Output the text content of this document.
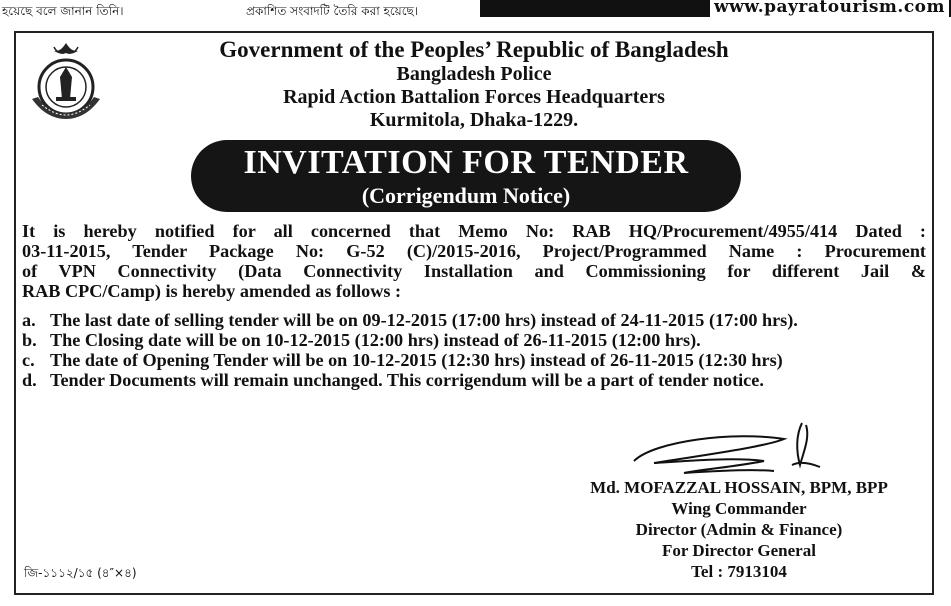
হয়েছে বলে জানান তিনি।	প্রকাশিত সংবাদটি তৈরি করা হয়েছে।	www.payratourism.com
Government of the Peoples’ Republic of Bangladesh
Bangladesh Police
Rapid Action Battalion Forces Headquarters
Kurmitola, Dhaka-1229.
INVITATION FOR TENDER
(Corrigendum Notice)
It is hereby notified for all concerned that Memo No: RAB HQ/Procurement/4955/414 Dated :
03-11-2015, Tender Package No: G-52 (C)/2015-2016, Project/Programmed Name : Procurement
of VPN Connectivity (Data Connectivity Installation and Commissioning for different Jail &
RAB CPC/Camp) is hereby amended as follows :
a. The last date of selling tender will be on 09-12-2015 (17:00 hrs) instead of 24-11-2015 (17:00 hrs).
b. The Closing date will be on 10-12-2015 (12:00 hrs) instead of 26-11-2015 (12:00 hrs).
c. The date of Opening Tender will be on 10-12-2015 (12:30 hrs) instead of 26-11-2015 (12:30 hrs)
d. Tender Documents will remain unchanged. This corrigendum will be a part of tender notice.
Md. MOFAZZAL HOSSAIN, BPM, BPP
Wing Commander
Director (Admin & Finance)
For Director General
Tel : 7913104
জি-১১১২/১৫ (৪″×৪)
